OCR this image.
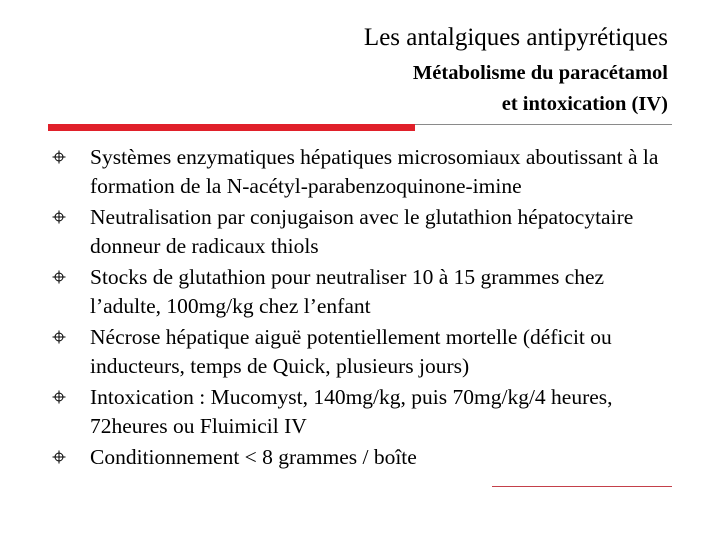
Les antalgiques antipyrétiques
Métabolisme du paracétamol
et intoxication (IV)
Systèmes enzymatiques hépatiques microsomiaux aboutissant à la formation de la N-acétyl-parabenzoquinone-imine
Neutralisation par conjugaison avec le glutathion hépatocytaire donneur de radicaux thiols
Stocks de glutathion pour neutraliser 10 à 15 grammes chez l’adulte, 100mg/kg chez l’enfant
Nécrose hépatique aiguë potentiellement mortelle (déficit ou inducteurs, temps de Quick, plusieurs jours)
Intoxication : Mucomyst, 140mg/kg, puis 70mg/kg/4 heures, 72heures ou Fluimicil IV
Conditionnement < 8 grammes / boîte
